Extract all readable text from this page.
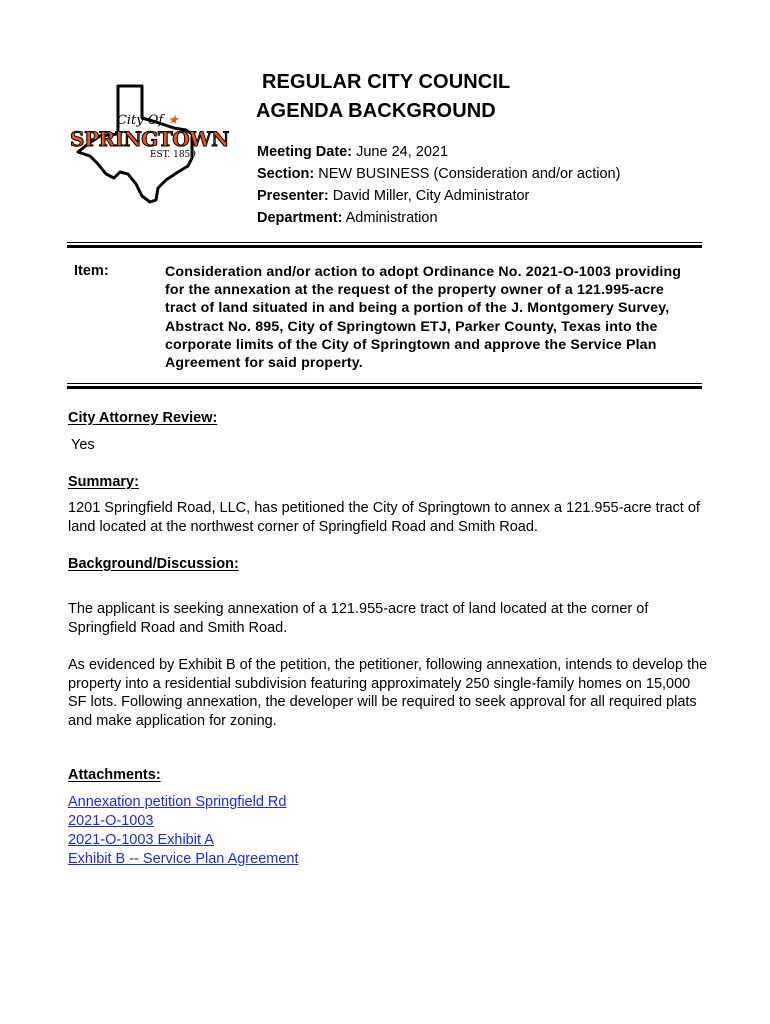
City Of ★
SPRINGTOWN
EST. 1859
REGULAR CITY COUNCIL
AGENDA BACKGROUND
Meeting Date: June 24, 2021
Section: NEW BUSINESS (Consideration and/or action)
Presenter: David Miller, City Administrator
Department: Administration
Item:	Consideration and/or action to adopt Ordinance No. 2021-O-1003 providing for the annexation at the request of the property owner of a 121.995-acre tract of land situated in and being a portion of the J. Montgomery Survey, Abstract No. 895, City of Springtown ETJ, Parker County, Texas into the corporate limits of the City of Springtown and approve the Service Plan Agreement for said property.
City Attorney Review:
Yes
Summary:
1201 Springfield Road, LLC, has petitioned the City of Springtown to annex a 121.955-acre tract of land located at the northwest corner of Springfield Road and Smith Road.
Background/Discussion:
The applicant is seeking annexation of a 121.955-acre tract of land located at the corner of Springfield Road and Smith Road.
As evidenced by Exhibit B of the petition, the petitioner, following annexation, intends to develop the property into a residential subdivision featuring approximately 250 single-family homes on 15,000 SF lots. Following annexation, the developer will be required to seek approval for all required plats and make application for zoning.
Attachments:
Annexation petition Springfield Rd
2021-O-1003
2021-O-1003 Exhibit A
Exhibit B -- Service Plan Agreement
